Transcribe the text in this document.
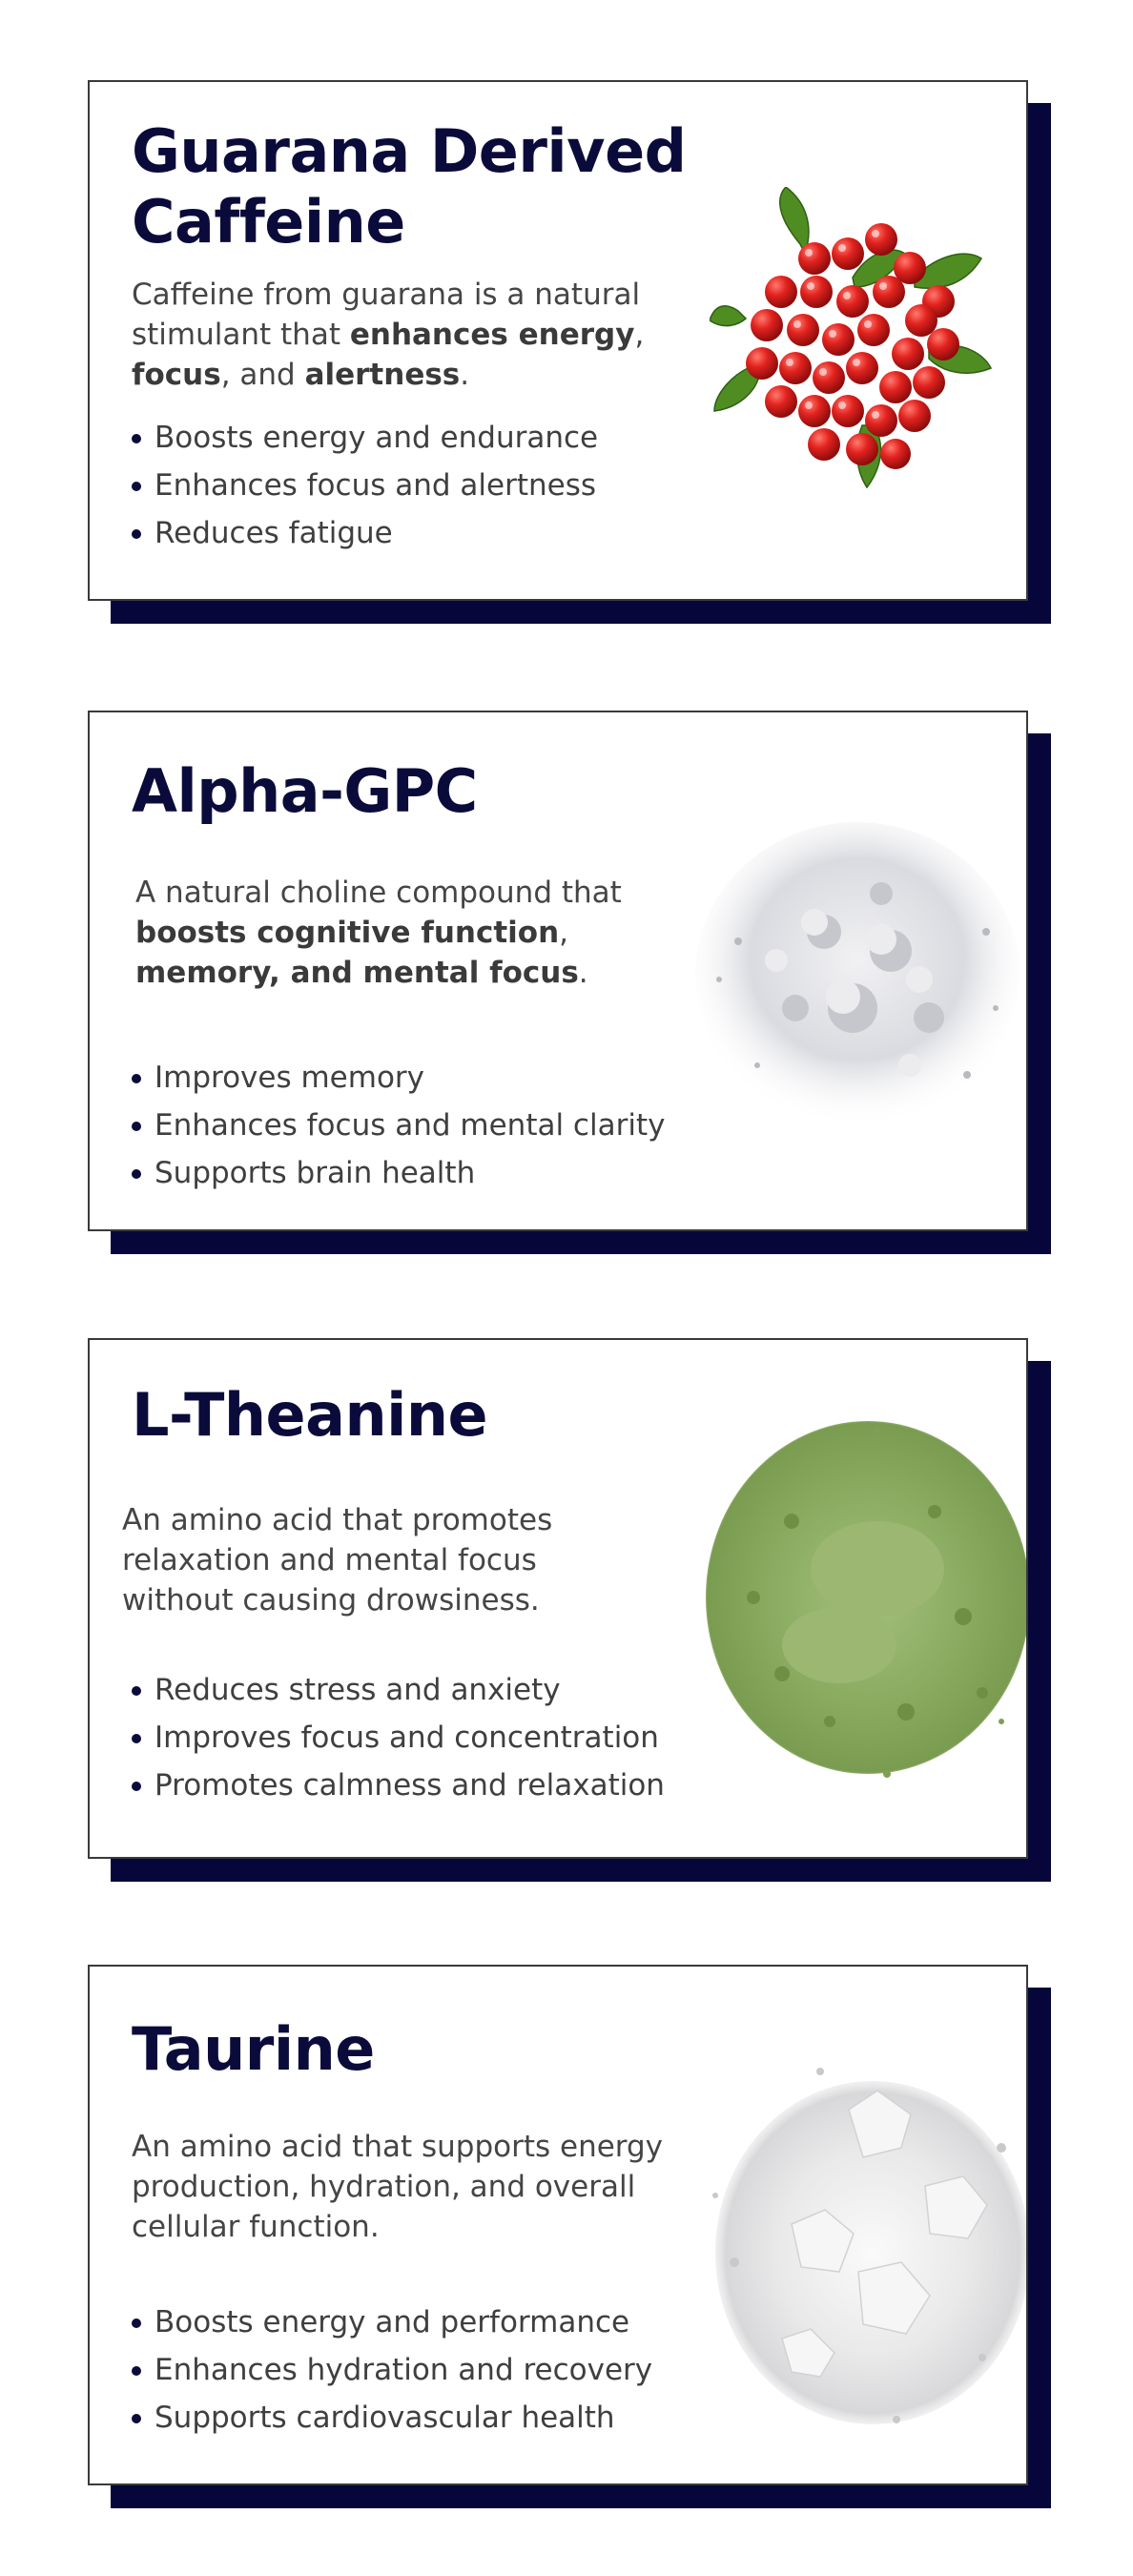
Guarana Derived
Caffeine
Caffeine from guarana is a natural stimulant that enhances energy, focus, and alertness.
Boosts energy and endurance
Enhances focus and alertness
Reduces fatigue
Alpha-GPC
A natural choline compound that boosts cognitive function, memory, and mental focus.
Improves memory
Enhances focus and mental clarity
Supports brain health
L-Theanine
An amino acid that promotes relaxation and mental focus without causing drowsiness.
Reduces stress and anxiety
Improves focus and concentration
Promotes calmness and relaxation
Taurine
An amino acid that supports energy production, hydration, and overall cellular function.
Boosts energy and performance
Enhances hydration and recovery
Supports cardiovascular health
